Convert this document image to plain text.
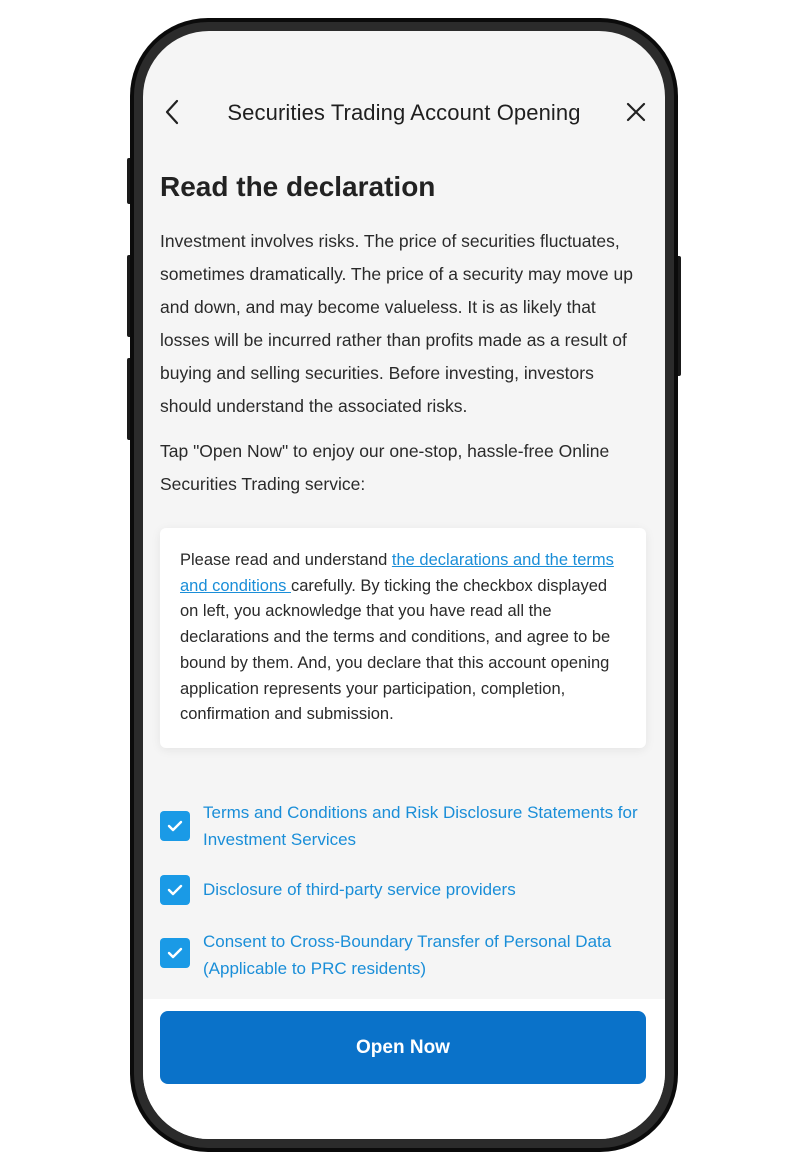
Securities Trading Account Opening
Read the declaration

Investment involves risks. The price of securities fluctuates, sometimes dramatically. The price of a security may move up and down, and may become valueless. It is as likely that losses will be incurred rather than profits made as a result of buying and selling securities. Before investing, investors should understand the associated risks.

Tap "Open Now" to enjoy our one-stop, hassle-free Online Securities Trading service:

Please read and understand the declarations and the terms and conditions carefully. By ticking the checkbox displayed on left, you acknowledge that you have read all the declarations and the terms and conditions, and agree to be bound by them. And, you declare that this account opening application represents your participation, completion, confirmation and submission.
Terms and Conditions and Risk Disclosure Statements for Investment Services
Disclosure of third-party service providers
Consent to Cross-Boundary Transfer of Personal Data (Applicable to PRC residents)
Open Now
